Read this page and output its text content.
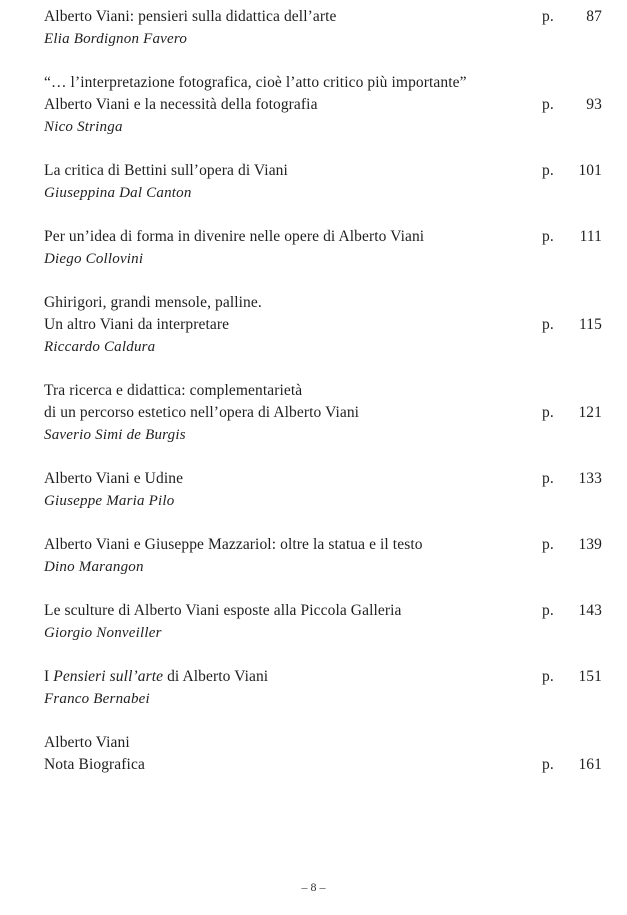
Alberto Viani: pensieri sulla didattica dell’arte	p. 87
Elia Bordignon Favero
“… l’interpretazione fotografica, cioè l’atto critico più importante”
Alberto Viani e la necessità della fotografia	p. 93
Nico Stringa
La critica di Bettini sull’opera di Viani	p. 101
Giuseppina Dal Canton
Per un’idea di forma in divenire nelle opere di Alberto Viani	p. 111
Diego Collovini
Ghirigori, grandi mensole, palline.
Un altro Viani da interpretare	p. 115
Riccardo Caldura
Tra ricerca e didattica: complementarietà
di un percorso estetico nell’opera di Alberto Viani	p. 121
Saverio Simi de Burgis
Alberto Viani e Udine	p. 133
Giuseppe Maria Pilo
Alberto Viani e Giuseppe Mazzariol: oltre la statua e il testo	p. 139
Dino Marangon
Le sculture di Alberto Viani esposte alla Piccola Galleria	p. 143
Giorgio Nonveiller
I Pensieri sull’arte di Alberto Viani	p. 151
Franco Bernabei
Alberto Viani
Nota Biografica	p. 161
– 8 –
